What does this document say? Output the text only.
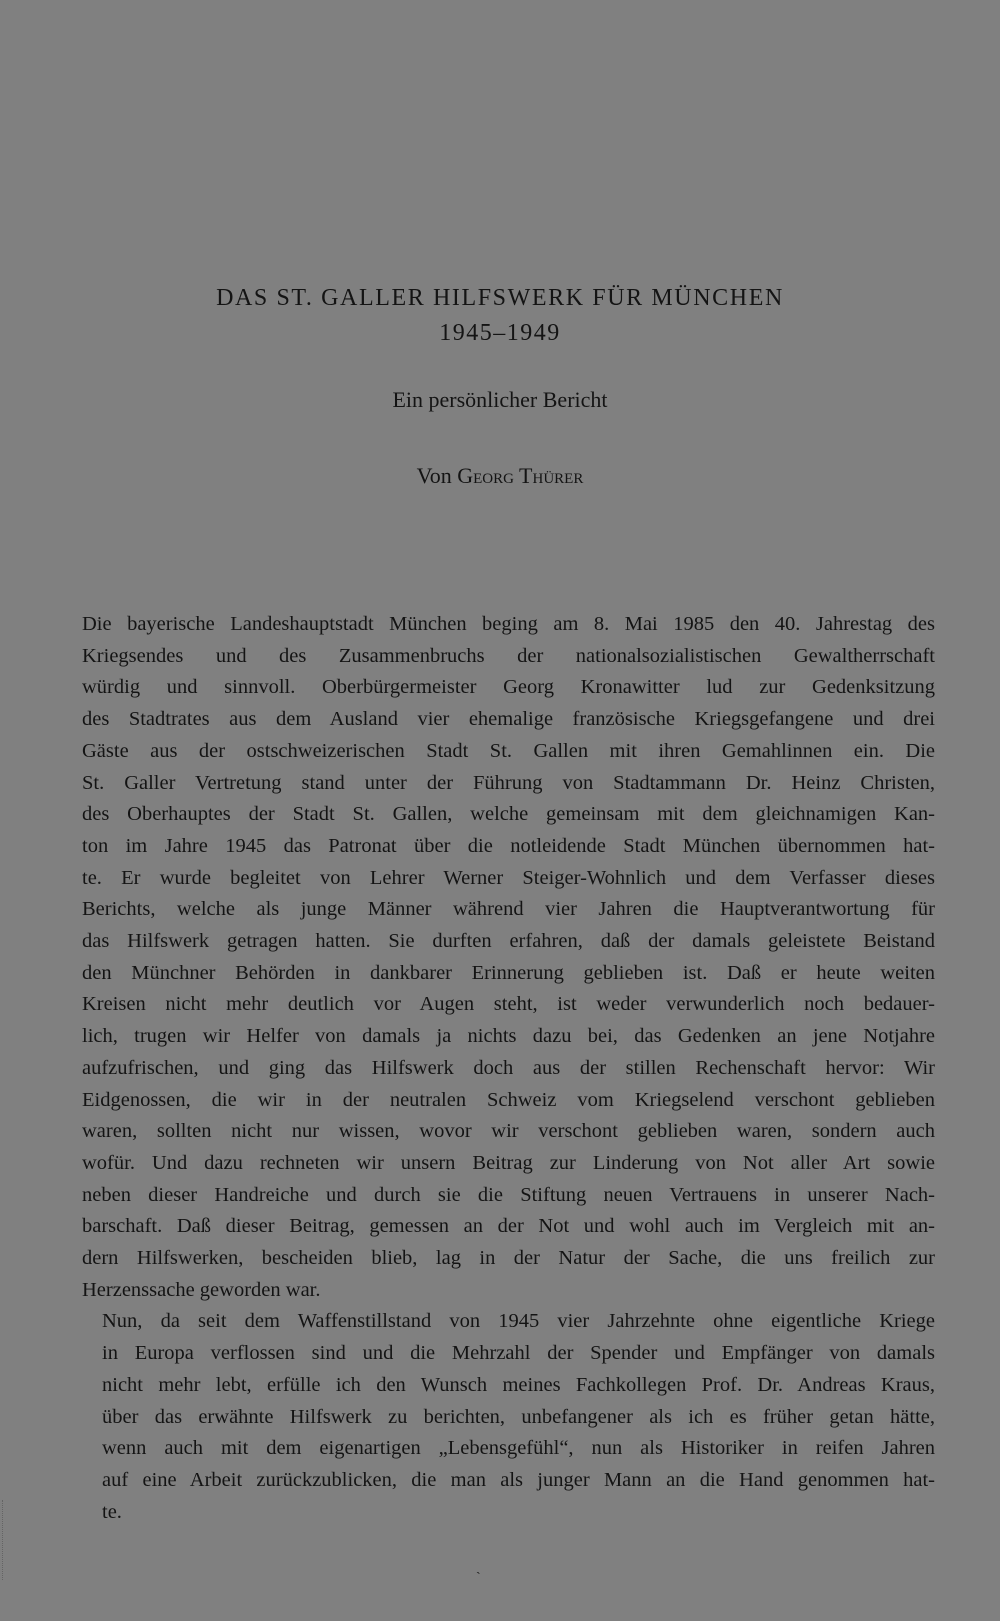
DAS ST. GALLER HILFSWERK FÜR MÜNCHEN
1945–1949
Ein persönlicher Bericht
Von Georg Thürer

Die bayerische Landeshauptstadt München beging am 8. Mai 1985 den 40. Jahrestag des
Kriegsendes und des Zusammenbruchs der nationalsozialistischen Gewaltherrschaft
würdig und sinnvoll. Oberbürgermeister Georg Kronawitter lud zur Gedenksitzung
des Stadtrates aus dem Ausland vier ehemalige französische Kriegsgefangene und drei
Gäste aus der ostschweizerischen Stadt St. Gallen mit ihren Gemahlinnen ein. Die
St. Galler Vertretung stand unter der Führung von Stadtammann Dr. Heinz Christen,
des Oberhauptes der Stadt St. Gallen, welche gemeinsam mit dem gleichnamigen Kan-
ton im Jahre 1945 das Patronat über die notleidende Stadt München übernommen hat-
te. Er wurde begleitet von Lehrer Werner Steiger-Wohnlich und dem Verfasser dieses
Berichts, welche als junge Männer während vier Jahren die Hauptverantwortung für
das Hilfswerk getragen hatten. Sie durften erfahren, daß der damals geleistete Beistand
den Münchner Behörden in dankbarer Erinnerung geblieben ist. Daß er heute weiten
Kreisen nicht mehr deutlich vor Augen steht, ist weder verwunderlich noch bedauer-
lich, trugen wir Helfer von damals ja nichts dazu bei, das Gedenken an jene Notjahre
aufzufrischen, und ging das Hilfswerk doch aus der stillen Rechenschaft hervor: Wir
Eidgenossen, die wir in der neutralen Schweiz vom Kriegselend verschont geblieben
waren, sollten nicht nur wissen, wovor wir verschont geblieben waren, sondern auch
wofür. Und dazu rechneten wir unsern Beitrag zur Linderung von Not aller Art sowie
neben dieser Handreiche und durch sie die Stiftung neuen Vertrauens in unserer Nach-
barschaft. Daß dieser Beitrag, gemessen an der Not und wohl auch im Vergleich mit an-
dern Hilfswerken, bescheiden blieb, lag in der Natur der Sache, die uns freilich zur
Herzenssache geworden war.

Nun, da seit dem Waffenstillstand von 1945 vier Jahrzehnte ohne eigentliche Kriege
in Europa verflossen sind und die Mehrzahl der Spender und Empfänger von damals
nicht mehr lebt, erfülle ich den Wunsch meines Fachkollegen Prof. Dr. Andreas Kraus,
über das erwähnte Hilfswerk zu berichten, unbefangener als ich es früher getan hätte,
wenn auch mit dem eigenartigen „Lebensgefühl“, nun als Historiker in reifen Jahren
auf eine Arbeit zurückzublicken, die man als junger Mann an die Hand genommen hat-
te.

ˎ
